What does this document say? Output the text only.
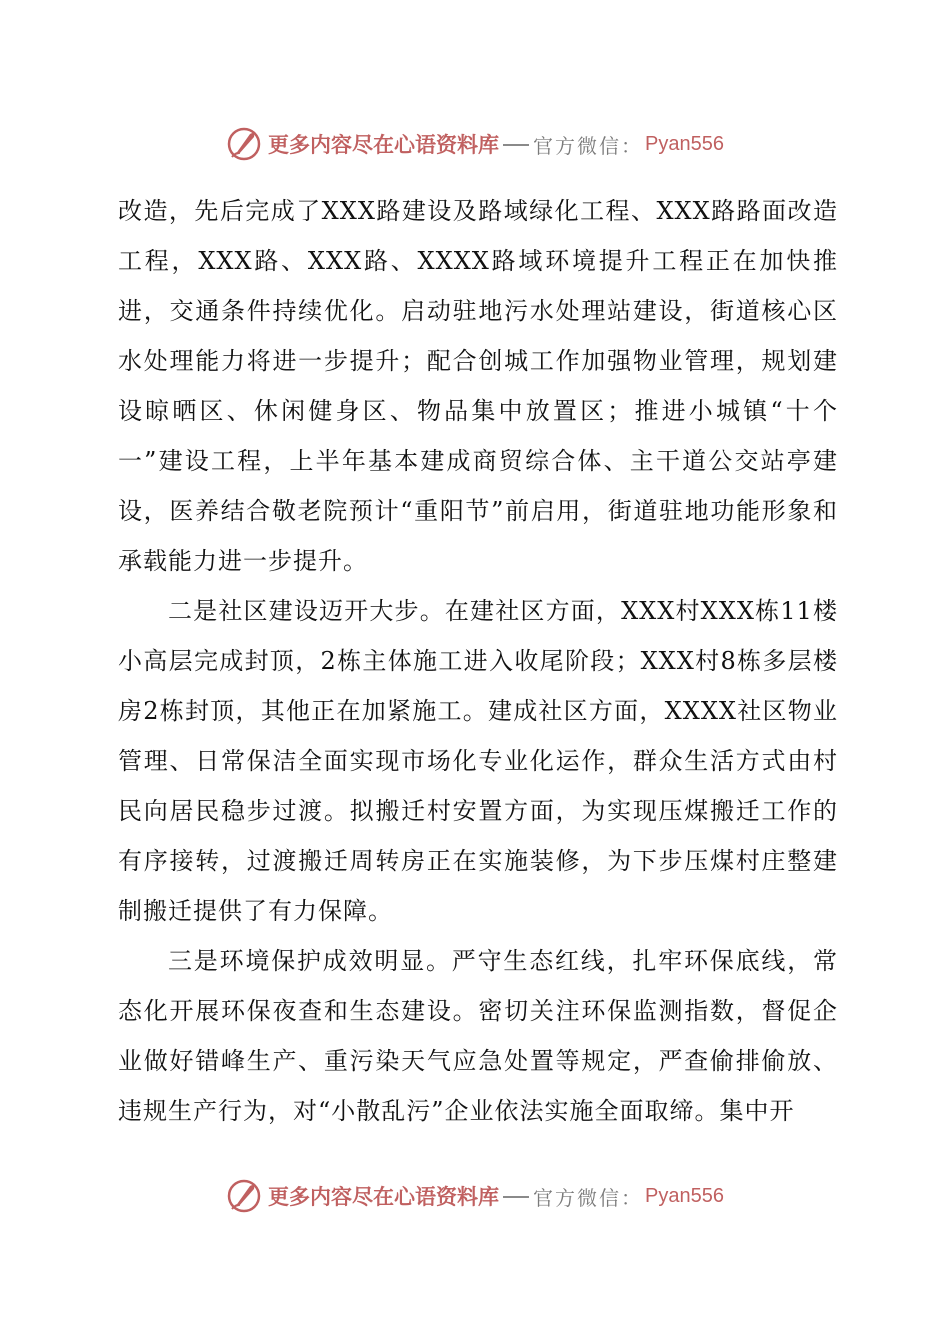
更多内容尽在心语资料库 官方微信： Pyan556

改造，先后完成了XXX路建设及路域绿化工程、XXX路路面改造工程，XXX路、XXX路、XXXX路域环境提升工程正在加快推进，交通条件持续优化。启动驻地污水处理站建设，街道核心区水处理能力将进一步提升；配合创城工作加强物业管理，规划建设晾晒区、休闲健身区、物品集中放置区；推进小城镇“十个一”建设工程，上半年基本建成商贸综合体、主干道公交站亭建设，医养结合敬老院预计“重阳节”前启用，街道驻地功能形象和承载能力进一步提升。

二是社区建设迈开大步。在建社区方面，XXX村XXX栋11楼小高层完成封顶，2栋主体施工进入收尾阶段；XXX村8栋多层楼房2栋封顶，其他正在加紧施工。建成社区方面，XXXX社区物业管理、日常保洁全面实现市场化专业化运作，群众生活方式由村民向居民稳步过渡。拟搬迁村安置方面，为实现压煤搬迁工作的有序接转，过渡搬迁周转房正在实施装修，为下步压煤村庄整建制搬迁提供了有力保障。

三是环境保护成效明显。严守生态红线，扎牢环保底线，常态化开展环保夜查和生态建设。密切关注环保监测指数，督促企业做好错峰生产、重污染天气应急处置等规定，严查偷排偷放、违规生产行为，对“小散乱污”企业依法实施全面取缔。集中开

更多内容尽在心语资料库 官方微信： Pyan556
